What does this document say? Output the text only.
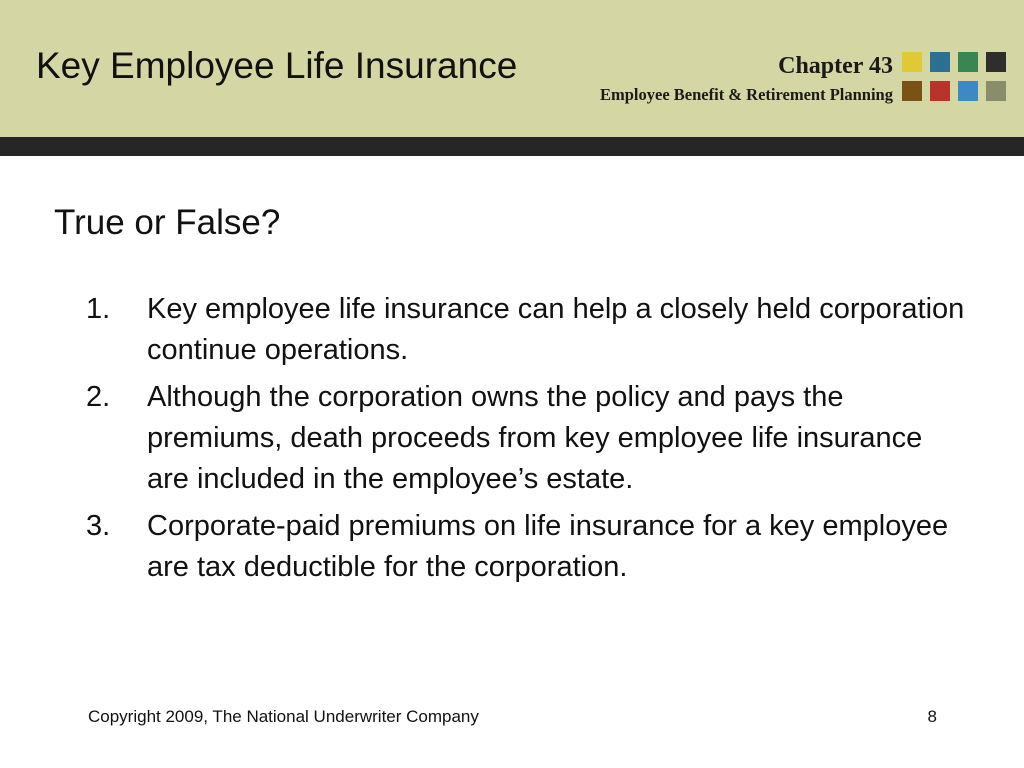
Key Employee Life Insurance	Chapter 43
Employee Benefit & Retirement Planning
True or False?
1. Key employee life insurance can help a closely held corporation continue operations.
2. Although the corporation owns the policy and pays the premiums, death proceeds from key employee life insurance are included in the employee’s estate.
3. Corporate-paid premiums on life insurance for a key employee are tax deductible for the corporation.
Copyright 2009, The National Underwriter Company	8
